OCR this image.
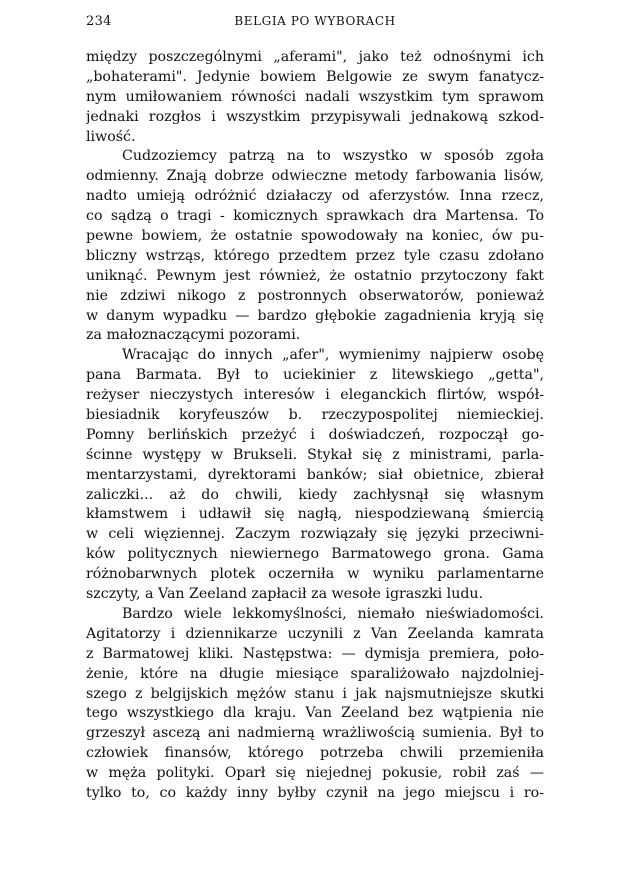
234	BELGIA PO WYBORACH
między poszczególnymi „aferami", jako też odnośnymi ich
„bohaterami". Jedynie bowiem Belgowie ze swym fanatycz-
nym umiłowaniem równości nadali wszystkim tym sprawom
jednaki rozgłos i wszystkim przypisywali jednakową szkod-
liwość.
Cudzoziemcy patrzą na to wszystko w sposób zgoła
odmienny. Znają dobrze odwieczne metody farbowania lisów,
nadto umieją odróżnić działaczy od aferzystów. Inna rzecz,
co sądzą o tragi - komicznych sprawkach dra Martensa. To
pewne bowiem, że ostatnie spowodowały na koniec, ów pu-
bliczny wstrząs, którego przedtem przez tyle czasu zdołano
uniknąć. Pewnym jest również, że ostatnio przytoczony fakt
nie zdziwi nikogo z postronnych obserwatorów, ponieważ
w danym wypadku — bardzo głębokie zagadnienia kryją się
za małoznaczącymi pozorami.
Wracając do innych „afer", wymienimy najpierw osobę
pana Barmata. Był to uciekinier z litewskiego „getta",
reżyser nieczystych interesów i eleganckich flirtów, współ-
biesiadnik koryfeuszów b. rzeczypospolitej niemieckiej.
Pomny berlińskich przeżyć i doświadczeń, rozpoczął go-
ścinne występy w Brukseli. Stykał się z ministrami, parla-
mentarzystami, dyrektorami banków; siał obietnice, zbierał
zaliczki... aż do chwili, kiedy zachłysnął się własnym
kłamstwem i udławił się nagłą, niespodziewaną śmiercią
w celi więziennej. Zaczym rozwiązały się języki przeciwni-
ków politycznych niewiernego Barmatowego grona. Gama
różnobarwnych plotek oczerniła w wyniku parlamentarne
szczyty, a Van Zeeland zapłacił za wesołe igraszki ludu.
Bardzo wiele lekkomyślności, niemało nieświadomości.
Agitatorzy i dziennikarze uczynili z Van Zeelanda kamrata
z Barmatowej kliki. Następstwa: — dymisja premiera, poło-
żenie, które na długie miesiące sparaliżowało najzdolniej-
szego z belgijskich mężów stanu i jak najsmutniejsze skutki
tego wszystkiego dla kraju. Van Zeeland bez wątpienia nie
grzeszył ascezą ani nadmierną wrażliwością sumienia. Był to
człowiek finansów, którego potrzeba chwili przemieniła
w męża polityki. Oparł się niejednej pokusie, robił zaś —
tylko to, co każdy inny byłby czynił na jego miejscu i ro-
